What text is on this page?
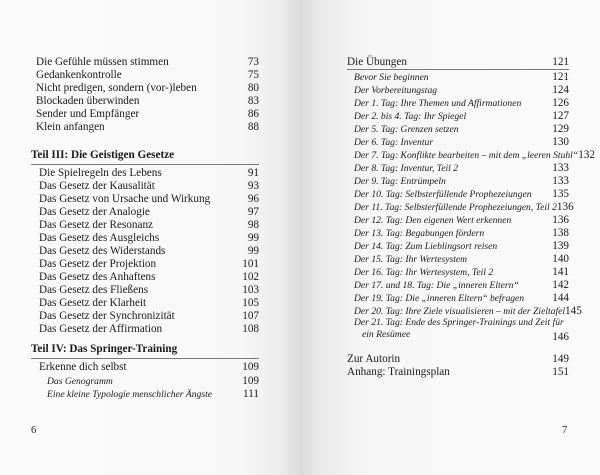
Die Gefühle müssen stimmen	73
Gedankenkontrolle	75
Nicht predigen, sondern (vor-)leben	80
Blockaden überwinden	83
Sender und Empfänger	86
Klein anfangen	88
Teil III: Die Geistigen Gesetze
Die Spielregeln des Lebens	91
Das Gesetz der Kausalität	93
Das Gesetz von Ursache und Wirkung	96
Das Gesetz der Analogie	97
Das Gesetz der Resonanz	98
Das Gesetz des Ausgleichs	99
Das Gesetz des Widerstands	99
Das Gesetz der Projektion	101
Das Gesetz des Anhaftens	102
Das Gesetz des Fließens	103
Das Gesetz der Klarheit	105
Das Gesetz der Synchronizität	107
Das Gesetz der Affirmation	108
Teil IV: Das Springer-Training
Erkenne dich selbst	109
Das Genogramm	109
Eine kleine Typologie menschlicher Ängste	111
6
Die Übungen	121
Bevor Sie beginnen	121
Der Vorbereitungstag	124
Der 1. Tag: Ihre Themen und Affirmationen	126
Der 2. bis 4. Tag: Ihr Spiegel	127
Der 5. Tag: Grenzen setzen	129
Der 6. Tag: Inventur	130
Der 7. Tag: Konflikte bearbeiten – mit dem „leeren Stuhl“ 132
Der 8. Tag: Inventur, Teil 2	133
Der 9. Tag: Entrümpeln	133
Der 10. Tag: Selbsterfüllende Prophezeiungen 135
Der 11. Tag: Selbsterfüllende Prophezeiungen, Teil 2 136
Der 12. Tag: Den eigenen Wert erkennen	136
Der 13. Tag: Begabungen fördern	138
Der 14. Tag: Zum Lieblingsort reisen	139
Der 15. Tag: Ihr Wertesystem	140
Der 16. Tag: Ihr Wertesystem, Teil 2	141
Der 17. und 18. Tag: Die „inneren Eltern“	142
Der 19. Tag: Die „inneren Eltern“ befragen	144
Der 20. Tag: Ihre Ziele visualisieren – mit der Zieltafel 145
Der 21. Tag: Ende des Springer-Trainings und Zeit für
ein Resümee	146
Zur Autorin	149
Anhang: Trainingsplan	151
7
